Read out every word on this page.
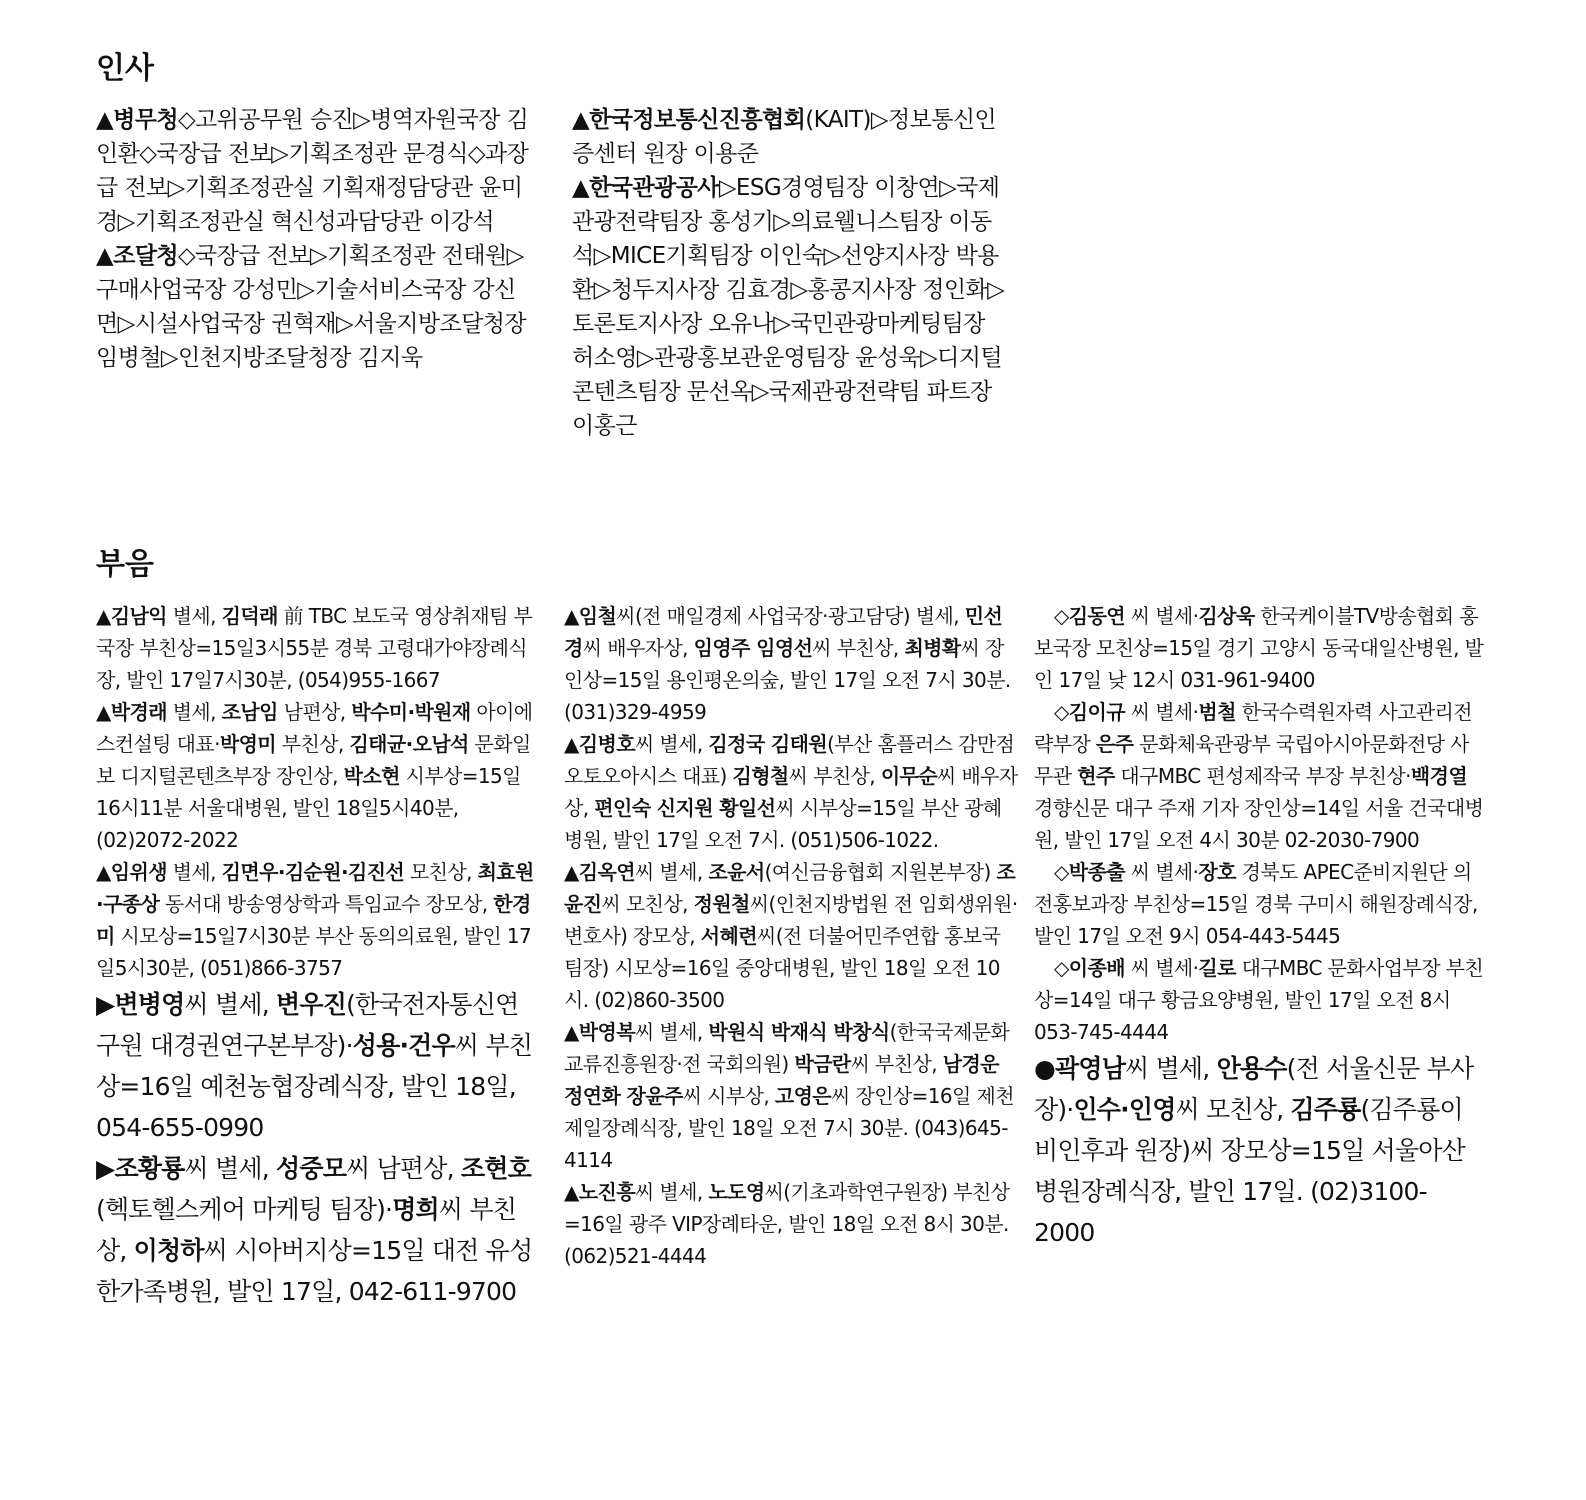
인사

▲병무청◇고위공무원 승진▷병역자원국장 김인환◇국장급 전보▷기획조정관 문경식◇과장급 전보▷기획조정관실 기획재정담당관 윤미경▷기획조정관실 혁신성과담당관 이강석

▲조달청◇국장급 전보▷기획조정관 전태원▷구매사업국장 강성민▷기술서비스국장 강신면▷시설사업국장 권혁재▷서울지방조달청장 임병철▷인천지방조달청장 김지욱

▲한국정보통신진흥협회(KAIT)▷정보통신인증센터 원장 이용준

▲한국관광공사▷ESG경영팀장 이창연▷국제관광전략팀장 홍성기▷의료웰니스팀장 이동석▷MICE기획팀장 이인숙▷선양지사장 박용환▷청두지사장 김효경▷홍콩지사장 정인화▷토론토지사장 오유나▷국민관광마케팅팀장 허소영▷관광홍보관운영팀장 윤성욱▷디지털콘텐츠팀장 문선옥▷국제관광전략팀 파트장 이홍근

부음

▲김남익 별세, 김덕래 前 TBC 보도국 영상취재팀 부국장 부친상=15일3시55분 경북 고령대가야장례식장, 발인 17일7시30분, (054)955-1667

▲박경래 별세, 조남임 남편상, 박수미·박원재 아이에스컨설팅 대표·박영미 부친상, 김태균·오남석 문화일보 디지털콘텐츠부장 장인상, 박소현 시부상=15일16시11분 서울대병원, 발인 18일5시40분, (02)2072-2022

▲임위생 별세, 김면우·김순원·김진선 모친상, 최효원·구종상 동서대 방송영상학과 특임교수 장모상, 한경미 시모상=15일7시30분 부산 동의의료원, 발인 17일5시30분, (051)866-3757

▶변병영씨 별세, 변우진(한국전자통신연구원 대경권연구본부장)·성용·건우씨 부친상=16일 예천농협장례식장, 발인 18일, 054-655-0990

▶조황룡씨 별세, 성중모씨 남편상, 조현호(헥토헬스케어 마케팅 팀장)·명희씨 부친상, 이청하씨 시아버지상=15일 대전 유성한가족병원, 발인 17일, 042-611-9700

▲임철씨(전 매일경제 사업국장·광고담당) 별세, 민선경씨 배우자상, 임영주 임영선씨 부친상, 최병확씨 장인상=15일 용인평온의숲, 발인 17일 오전 7시 30분. (031)329-4959

▲김병호씨 별세, 김정국 김태원(부산 홈플러스 감만점 오토오아시스 대표) 김형철씨 부친상, 이무순씨 배우자상, 편인숙 신지원 황일선씨 시부상=15일 부산 광혜병원, 발인 17일 오전 7시. (051)506-1022.

▲김옥연씨 별세, 조윤서(여신금융협회 지원본부장) 조윤진씨 모친상, 정원철씨(인천지방법원 전 임회생위원·변호사) 장모상, 서혜련씨(전 더불어민주연합 홍보국 팀장) 시모상=16일 중앙대병원, 발인 18일 오전 10시. (02)860-3500

▲박영복씨 별세, 박원식 박재식 박창식(한국국제문화교류진흥원장·전 국회의원) 박금란씨 부친상, 남경운 정연화 장윤주씨 시부상, 고영은씨 장인상=16일 제천제일장례식장, 발인 18일 오전 7시 30분. (043)645-4114

▲노진흥씨 별세, 노도영씨(기초과학연구원장) 부친상=16일 광주 VIP장례타운, 발인 18일 오전 8시 30분. (062)521-4444

◇김동연 씨 별세·김상욱 한국케이블TV방송협회 홍보국장 모친상=15일 경기 고양시 동국대일산병원, 발인 17일 낮 12시 031-961-9400

◇김이규 씨 별세·범철 한국수력원자력 사고관리전략부장 은주 문화체육관광부 국립아시아문화전당 사무관 현주 대구MBC 편성제작국 부장 부친상·백경열 경향신문 대구 주재 기자 장인상=14일 서울 건국대병원, 발인 17일 오전 4시 30분 02-2030-7900

◇박종출 씨 별세·장호 경북도 APEC준비지원단 의전홍보과장 부친상=15일 경북 구미시 해원장례식장, 발인 17일 오전 9시 054-443-5445

◇이종배 씨 별세·길로 대구MBC 문화사업부장 부친상=14일 대구 황금요양병원, 발인 17일 오전 8시 053-745-4444

●곽영남씨 별세, 안용수(전 서울신문 부사장)·인수·인영씨 모친상, 김주룡(김주룡이비인후과 원장)씨 장모상=15일 서울아산병원장례식장, 발인 17일. (02)3100-2000
